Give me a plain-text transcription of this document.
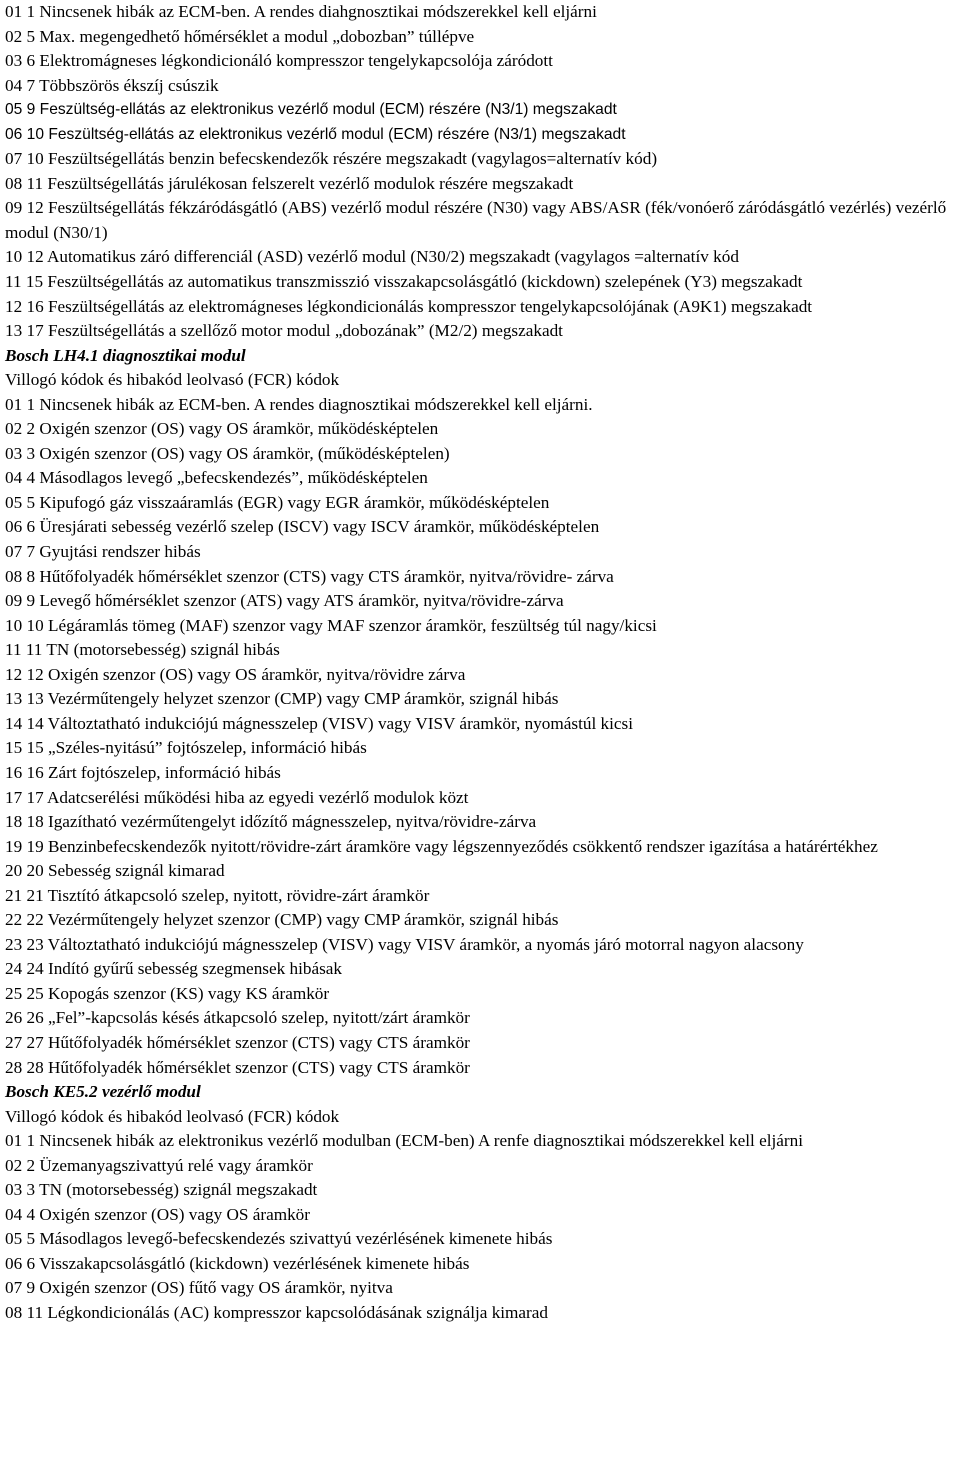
01 1 Nincsenek hibák az ECM-ben. A rendes diahgnosztikai módszerekkel kell eljárni

02 5 Max. megengedhető hőmérséklet a modul „dobozban” túllépve

03 6 Elektromágneses légkondicionáló kompresszor tengelykapcsolója záródott

04 7 Többszörös ékszíj csúszik

05 9 Feszültség-ellátás az elektronikus vezérlő modul (ECM) részére (N3/1) megszakadt

06 10 Feszültség-ellátás az elektronikus vezérlő modul (ECM) részére (N3/1) megszakadt

07 10 Feszültségellátás benzin befecskendezők részére megszakadt (vagylagos=alternatív kód)

08 11 Feszültségellátás járulékosan felszerelt vezérlő modulok részére megszakadt

09 12 Feszültségellátás fékzáródásgátló (ABS) vezérlő modul részére (N30) vagy ABS/ASR (fék/vonóerő záródásgátló vezérlés) vezérlő modul (N30/1)

10 12 Automatikus záró differenciál (ASD) vezérlő modul (N30/2) megszakadt (vagylagos =alternatív kód

11 15 Feszültségellátás az automatikus transzmisszió visszakapcsolásgátló (kickdown) szelepének (Y3) megszakadt

12 16 Feszültségellátás az elektromágneses légkondicionálás kompresszor tengelykapcsolójának (A9K1) megszakadt

13 17 Feszültségellátás a szellőző motor modul „dobozának” (M2/2) megszakadt

Bosch LH4.1 diagnosztikai modul

Villogó kódok és hibakód leolvasó (FCR) kódok

01 1 Nincsenek hibák az ECM-ben. A rendes diagnosztikai módszerekkel kell eljárni.

02 2 Oxigén szenzor (OS) vagy OS áramkör, működésképtelen

03 3 Oxigén szenzor (OS) vagy OS áramkör, (működésképtelen)

04 4 Másodlagos levegő „befecskendezés”, működésképtelen

05 5 Kipufogó gáz visszaáramlás (EGR) vagy EGR áramkör, működésképtelen

06 6 Üresjárati sebesség vezérlő szelep (ISCV) vagy ISCV áramkör, működésképtelen

07 7 Gyujtási rendszer hibás

08 8 Hűtőfolyadék hőmérséklet szenzor (CTS) vagy CTS áramkör, nyitva/rövidre- zárva

09 9 Levegő hőmérséklet szenzor (ATS) vagy ATS áramkör, nyitva/rövidre-zárva

10 10 Légáramlás tömeg (MAF) szenzor vagy MAF szenzor áramkör, feszültség túl nagy/kicsi

11 11 TN (motorsebesség) szignál hibás

12 12 Oxigén szenzor (OS) vagy OS áramkör, nyitva/rövidre zárva

13 13 Vezérműtengely helyzet szenzor (CMP) vagy CMP áramkör, szignál hibás

14 14 Változtatható indukciójú mágnesszelep (VISV) vagy VISV áramkör, nyomástúl kicsi

15 15 „Széles-nyitású” fojtószelep, információ hibás

16 16 Zárt fojtószelep, információ hibás

17 17 Adatcserélési működési hiba az egyedi vezérlő modulok közt

18 18 Igazítható vezérműtengelyt időzítő mágnesszelep, nyitva/rövidre-zárva

19 19 Benzinbefecskendezők nyitott/rövidre-zárt áramköre vagy légszennyeződés csökkentő rendszer igazítása a határértékhez

20 20 Sebesség szignál kimarad

21 21 Tisztító átkapcsoló szelep, nyitott, rövidre-zárt áramkör

22 22 Vezérműtengely helyzet szenzor (CMP) vagy CMP áramkör, szignál hibás

23 23 Változtatható indukciójú mágnesszelep (VISV) vagy VISV áramkör, a nyomás járó motorral nagyon alacsony

24 24 Indító gyűrű sebesség szegmensek hibásak

25 25 Kopogás szenzor (KS) vagy KS áramkör

26 26 „Fel”-kapcsolás késés átkapcsoló szelep, nyitott/zárt áramkör

27 27 Hűtőfolyadék hőmérséklet szenzor (CTS) vagy CTS áramkör

28 28 Hűtőfolyadék hőmérséklet szenzor (CTS) vagy CTS áramkör

Bosch KE5.2 vezérlő modul

Villogó kódok és hibakód leolvasó (FCR) kódok

01 1 Nincsenek hibák az elektronikus vezérlő modulban (ECM-ben) A renfe diagnosztikai módszerekkel kell eljárni

02 2 Üzemanyagszivattyú relé vagy áramkör

03 3 TN (motorsebesség) szignál megszakadt

04 4 Oxigén szenzor (OS) vagy OS áramkör

05 5 Másodlagos levegő-befecskendezés szivattyú vezérlésének kimenete hibás

06 6 Visszakapcsolásgátló (kickdown) vezérlésének kimenete hibás

07 9 Oxigén szenzor (OS) fűtő vagy OS áramkör, nyitva

08 11 Légkondicionálás (AC) kompresszor kapcsolódásának szignálja kimarad
